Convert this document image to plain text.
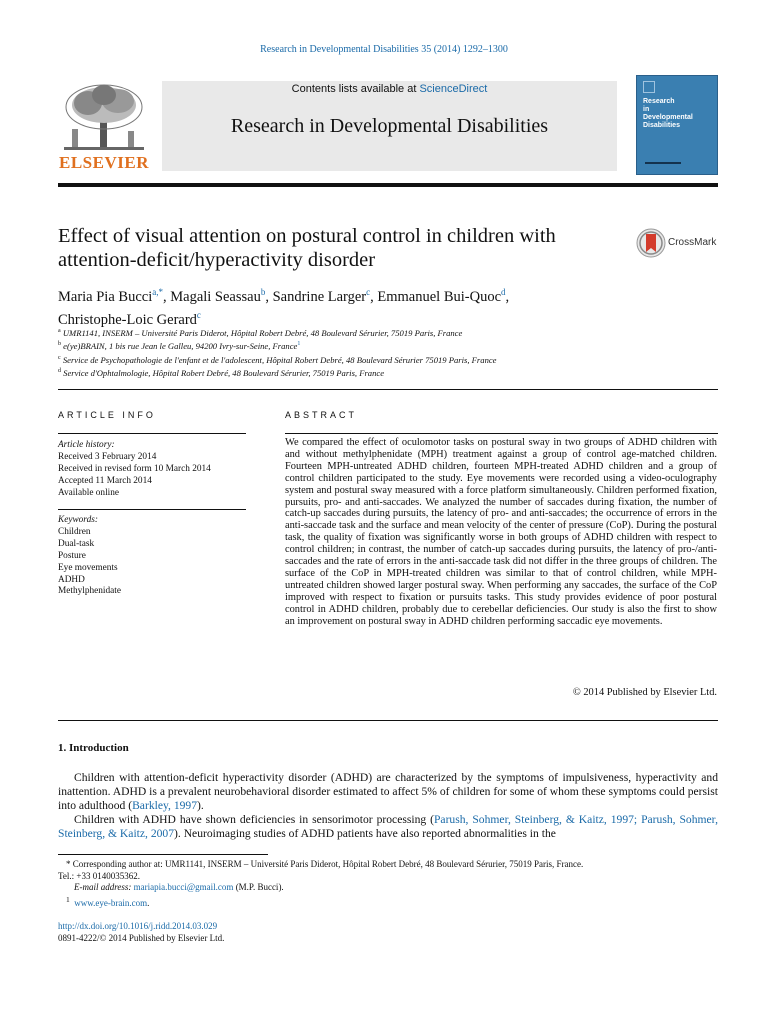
Research in Developmental Disabilities 35 (2014) 1292–1300
ELSEVIER
Contents lists available at ScienceDirect
Research in Developmental Disabilities
Research
in
Developmental
Disabilities
Effect of visual attention on postural control in children with attention-deficit/hyperactivity disorder
CrossMark
Maria Pia Bucci$^{a,*}$, Magali Seassau$^b$, Sandrine Larger$^c$, Emmanuel Bui-Quoc$^d$,
Christophe-Loic Gerard$^c$
$^a$ UMR1141, INSERM – Université Paris Diderot, Hôpital Robert Debré, 48 Boulevard Sérurier, 75019 Paris, France
$^b$ e(ye)BRAIN, 1 bis rue Jean le Galleu, 94200 Ivry-sur-Seine, France$^1$
$^c$ Service de Psychopathologie de l'enfant et de l'adolescent, Hôpital Robert Debré, 48 Boulevard Sérurier 75019 Paris, France
$^d$ Service d'Ophtalmologie, Hôpital Robert Debré, 48 Boulevard Sérurier, 75019 Paris, France
ARTICLE INFO	ABSTRACT
Article history:
Received 3 February 2014
Received in revised form 10 March 2014
Accepted 11 March 2014
Available online
Keywords:
Children
Dual-task
Posture
Eye movements
ADHD
Methylphenidate
We compared the effect of oculomotor tasks on postural sway in two groups of ADHD children with and without methylphenidate (MPH) treatment against a group of control age-matched children. Fourteen MPH-untreated ADHD children, fourteen MPH-treated ADHD children and a group of control children participated to the study. Eye movements were recorded using a video-oculography system and postural sway measured with a force platform simultaneously. Children performed fixation, pursuits, pro- and anti-saccades. We analyzed the number of saccades during fixation, the number of catch-up saccades during pursuits, the latency of pro- and anti-saccades; the occurrence of errors in the anti-saccade task and the surface and mean velocity of the center of pressure (CoP). During the postural task, the quality of fixation was significantly worse in both groups of ADHD children with respect to control children; in contrast, the number of catch-up saccades during pursuits, the latency of pro-/anti-saccades and the rate of errors in the anti-saccade task did not differ in the three groups of children. The surface of the CoP in MPH-treated children was similar to that of control children, while MPH-untreated children showed larger postural sway. When performing any saccades, the surface of the CoP improved with respect to fixation or pursuits tasks. This study provides evidence of poor postural control in ADHD children, probably due to cerebellar deficiencies. Our study is also the first to show an improvement on postural sway in ADHD children performing saccadic eye movements.
© 2014 Published by Elsevier Ltd.
1. Introduction

Children with attention-deficit hyperactivity disorder (ADHD) are characterized by the symptoms of impulsiveness, hyperactivity and inattention. ADHD is a prevalent neurobehavioral disorder estimated to affect 5% of children for some of whom these symptoms could persist into adulthood (Barkley, 1997).

Children with ADHD have shown deficiencies in sensorimotor processing (Parush, Sohmer, Steinberg, & Kaitz, 1997; Parush, Sohmer, Steinberg, & Kaitz, 2007). Neuroimaging studies of ADHD patients have also reported abnormalities in the

* Corresponding author at: UMR1141, INSERM – Université Paris Diderot, Hôpital Robert Debré, 48 Boulevard Sérurier, 75019 Paris, France.
Tel.: +33 0140035362.
E-mail address: mariapia.bucci@gmail.com (M.P. Bucci).
$^1$ www.eye-brain.com.
http://dx.doi.org/10.1016/j.ridd.2014.03.029
0891-4222/© 2014 Published by Elsevier Ltd.
